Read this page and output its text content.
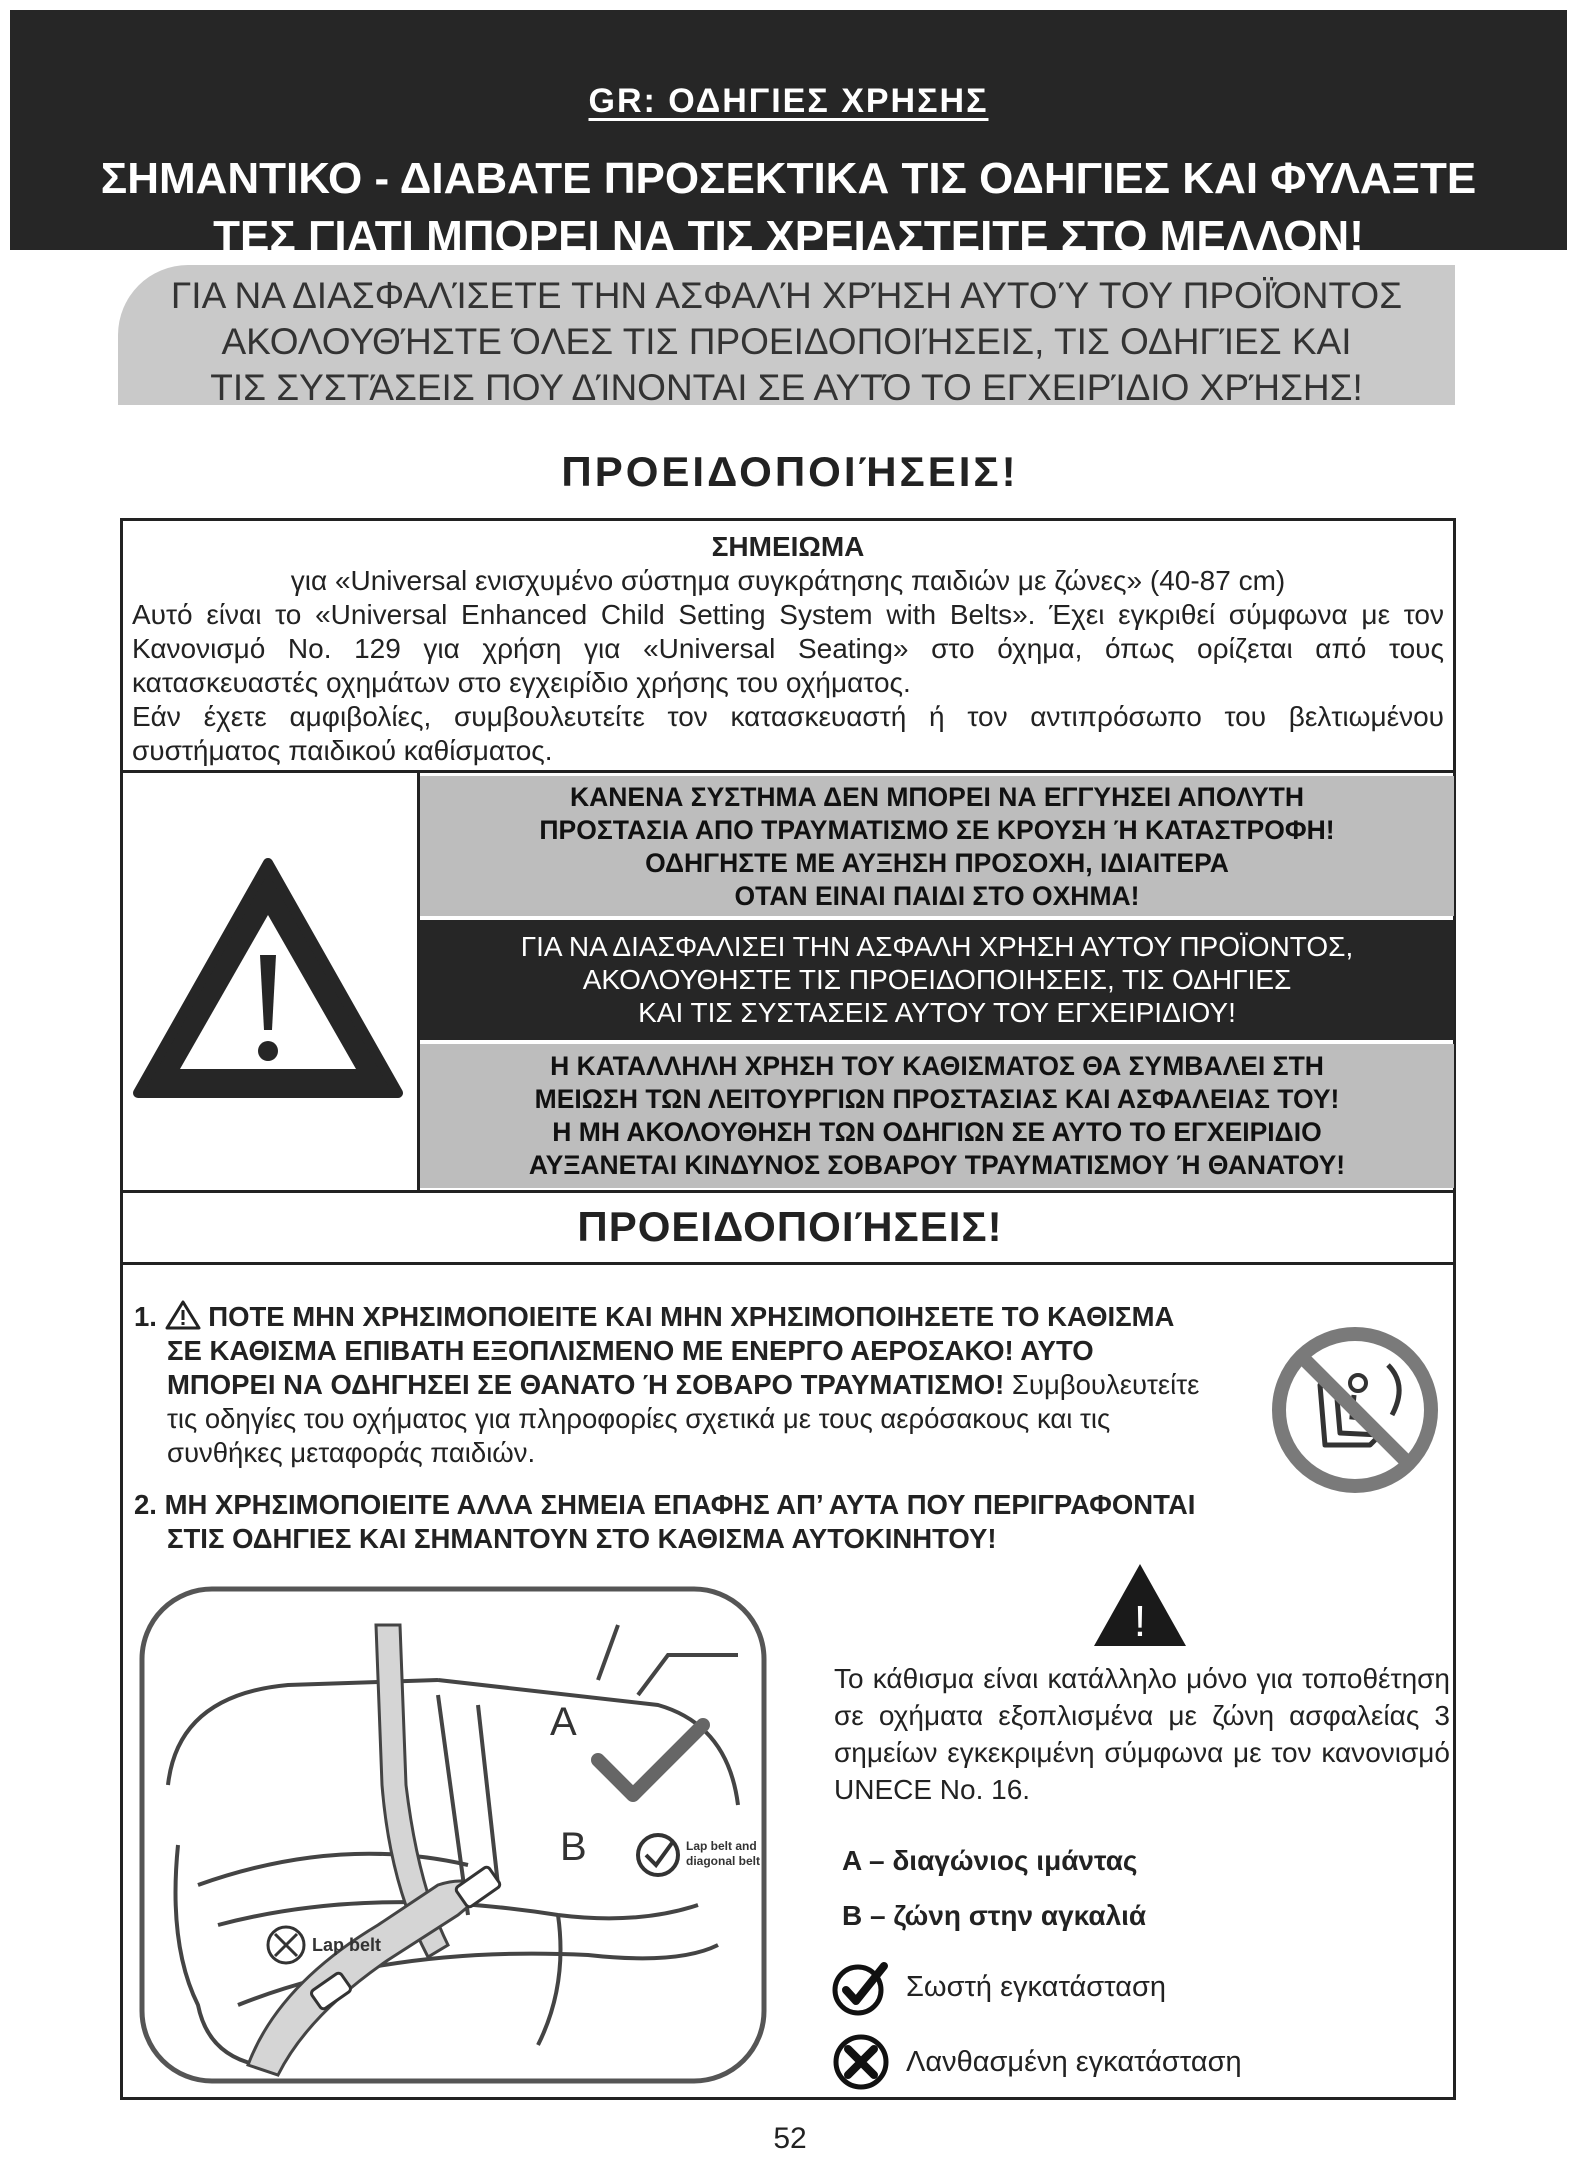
GR: ΟΔΗΓΙΕΣ ΧΡΗΣΗΣ
ΣΗΜΑΝΤΙΚΟ - ΔΙΑΒΑΤΕ ΠΡΟΣΕΚΤΙΚΑ ΤΙΣ ΟΔΗΓΙΕΣ ΚΑΙ ΦΥΛΑΞΤΕ
ΤΕΣ ΓΙΑΤΙ ΜΠΟΡΕΙ ΝΑ ΤΙΣ ΧΡΕΙΑΣΤΕΙΤΕ ΣΤΟ ΜΕΛΛΟΝ!
ΓΙΑ ΝΑ ΔΙΑΣΦΑΛΊΣΕΤΕ ΤΗΝ ΑΣΦΑΛΉ ΧΡΉΣΗ ΑΥΤΟΎ ΤΟΥ ΠΡΟΪΌΝΤΟΣ
ΑΚΟΛΟΥΘΉΣΤΕ ΌΛΕΣ ΤΙΣ ΠΡΟΕΙΔΟΠΟΙΉΣΕΙΣ, ΤΙΣ ΟΔΗΓΊΕΣ ΚΑΙ
ΤΙΣ ΣΥΣΤΆΣΕΙΣ ΠΟΥ ΔΊΝΟΝΤΑΙ ΣΕ ΑΥΤΌ ΤΟ ΕΓΧΕΙΡΊΔΙΟ ΧΡΉΣΗΣ!
ΠΡΟΕΙΔΟΠΟΙΉΣΕΙΣ!
ΣΗΜΕΙΩΜΑ
για «Universal ενισχυμένο σύστημα συγκράτησης παιδιών με ζώνες» (40-87 cm)
Αυτό είναι το «Universal Enhanced Child Setting System with Belts». Έχει εγκριθεί σύμφωνα με τον Κανονισμό No. 129 για χρήση για «Universal Seating» στο όχημα, όπως ορίζεται από τους κατασκευαστές οχημάτων στο εγχειρίδιο χρήσης του οχήματος.
Εάν έχετε αμφιβολίες, συμβουλευτείτε τον κατασκευαστή ή τον αντιπρόσωπο του βελτιωμένου συστήματος παιδικού καθίσματος.
ΚΑΝΕΝΑ ΣΥΣΤΗΜΑ ΔΕΝ ΜΠΟΡΕΙ ΝΑ ΕΓΓΥΗΣΕΙ ΑΠΟΛΥΤΗ
ΠΡΟΣΤΑΣΙΑ ΑΠΟ ΤΡΑΥΜΑΤΙΣΜΟ ΣΕ ΚΡΟΥΣΗ Ή ΚΑΤΑΣΤΡΟΦΗ!
ΟΔΗΓΗΣΤΕ ΜΕ ΑΥΞΗΣΗ ΠΡΟΣΟΧΗ, ΙΔΙΑΙΤΕΡΑ
ΟΤΑΝ ΕΙΝΑΙ ΠΑΙΔΙ ΣΤΟ ΟΧΗΜΑ!
ΓΙΑ ΝΑ ΔΙΑΣΦΑΛΙΣΕΙ ΤΗΝ ΑΣΦΑΛΗ ΧΡΗΣΗ ΑΥΤΟΥ ΠΡΟΪΟΝΤΟΣ,
ΑΚΟΛΟΥΘΗΣΤΕ ΤΙΣ ΠΡΟΕΙΔΟΠΟΙΗΣΕΙΣ, ΤΙΣ ΟΔΗΓΙΕΣ
ΚΑΙ ΤΙΣ ΣΥΣΤΑΣΕΙΣ ΑΥΤΟΥ ΤΟΥ ΕΓΧΕΙΡΙΔΙΟΥ!
Η ΚΑΤΑΛΛΗΛΗ ΧΡΗΣΗ ΤΟΥ ΚΑΘΙΣΜΑΤΟΣ ΘΑ ΣΥΜΒΑΛΕΙ ΣΤΗ
ΜΕΙΩΣΗ ΤΩΝ ΛΕΙΤΟΥΡΓΙΩΝ ΠΡΟΣΤΑΣΙΑΣ ΚΑΙ ΑΣΦΑΛΕΙΑΣ ΤΟΥ!
Η ΜΗ ΑΚΟΛΟΥΘΗΣΗ ΤΩΝ ΟΔΗΓΙΩΝ ΣΕ ΑΥΤΟ ΤΟ ΕΓΧΕΙΡΙΔΙΟ
ΑΥΞΑΝΕΤΑΙ ΚΙΝΔΥΝΟΣ ΣΟΒΑΡΟΥ ΤΡΑΥΜΑΤΙΣΜΟΥ Ή ΘΑΝΑΤΟΥ!
ΠΡΟΕΙΔΟΠΟΙΉΣΕΙΣ!
1. ΠΟΤΕ ΜΗΝ ΧΡΗΣΙΜΟΠΟΙΕΙΤΕ ΚΑΙ ΜΗΝ ΧΡΗΣΙΜΟΠΟΙΗΣΕΤΕ ΤΟ ΚΑΘΙΣΜΑ
ΣΕ ΚΑΘΙΣΜΑ ΕΠΙΒΑΤΗ ΕΞΟΠΛΙΣΜΕΝΟ ΜΕ ΕΝΕΡΓΟ ΑΕΡΟΣΑΚΟ! ΑΥΤΟ
ΜΠΟΡΕΙ ΝΑ ΟΔΗΓΗΣΕΙ ΣΕ ΘΑΝΑΤΟ Ή ΣΟΒΑΡΟ ΤΡΑΥΜΑΤΙΣΜΟ! Συμβουλευτείτε
τις οδηγίες του οχήματος για πληροφορίες σχετικά με τους αερόσακους και τις
συνθήκες μεταφοράς παιδιών.
2. ΜΗ ΧΡΗΣΙΜΟΠΟΙΕΙΤΕ ΑΛΛΑ ΣΗΜΕΙΑ ΕΠΑΦΗΣ ΑΠ’ ΑΥΤΑ ΠΟΥ ΠΕΡΙΓΡΑΦΟΝΤΑΙ
ΣΤΙΣ ΟΔΗΓΙΕΣ ΚΑΙ ΣΗΜΑΝΤΟΥΝ ΣΤΟ ΚΑΘΙΣΜΑ ΑΥΤΟΚΙΝΗΤΟΥ!
A
B	Lap belt and
diagonal belt
Lap belt
!
Το κάθισμα είναι κατάλληλο μόνο για τοποθέτηση σε οχήματα εξοπλισμένα με ζώνη ασφαλείας 3 σημείων εγκεκριμένη σύμφωνα με τον κανονισμό UNECE No. 16.
A – διαγώνιος ιμάντας
B – ζώνη στην αγκαλιά
Σωστή εγκατάσταση
Λανθασμένη εγκατάσταση
52
